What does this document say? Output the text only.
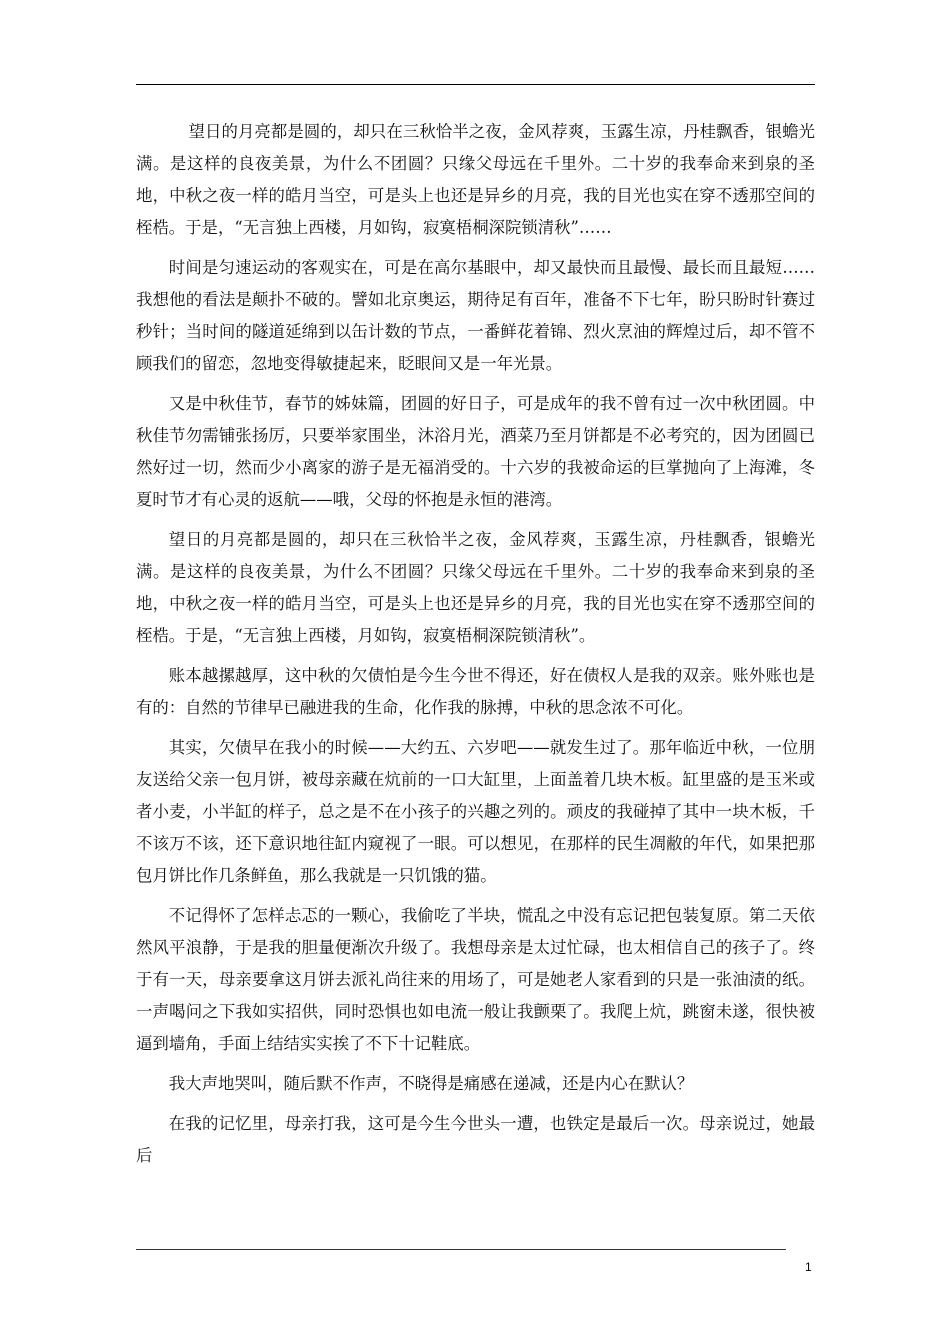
望日的月亮都是圆的，却只在三秋恰半之夜，金风荐爽，玉露生凉，丹桂飘香，银蟾光满。是这样的良夜美景，为什么不团圆？只缘父母远在千里外。二十岁的我奉命来到泉的圣地，中秋之夜一样的皓月当空，可是头上也还是异乡的月亮，我的目光也实在穿不透那空间的桎梏。于是，“无言独上西楼，月如钩，寂寞梧桐深院锁清秋”……

时间是匀速运动的客观实在，可是在高尔基眼中，却又最快而且最慢、最长而且最短……我想他的看法是颠扑不破的。譬如北京奥运，期待足有百年，准备不下七年，盼只盼时针赛过秒针；当时间的隧道延绵到以缶计数的节点，一番鲜花着锦、烈火烹油的辉煌过后，却不管不顾我们的留恋，忽地变得敏捷起来，眨眼间又是一年光景。

又是中秋佳节，春节的姊妹篇，团圆的好日子，可是成年的我不曾有过一次中秋团圆。中秋佳节勿需铺张扬厉，只要举家围坐，沐浴月光，酒菜乃至月饼都是不必考究的，因为团圆已然好过一切，然而少小离家的游子是无福消受的。十六岁的我被命运的巨掌抛向了上海滩，冬夏时节才有心灵的返航——哦，父母的怀抱是永恒的港湾。

望日的月亮都是圆的，却只在三秋恰半之夜，金风荐爽，玉露生凉，丹桂飘香，银蟾光满。是这样的良夜美景，为什么不团圆？只缘父母远在千里外。二十岁的我奉命来到泉的圣地，中秋之夜一样的皓月当空，可是头上也还是异乡的月亮，我的目光也实在穿不透那空间的桎梏。于是，“无言独上西楼，月如钩，寂寞梧桐深院锁清秋”。

账本越摞越厚，这中秋的欠债怕是今生今世不得还，好在债权人是我的双亲。账外账也是有的：自然的节律早已融进我的生命，化作我的脉搏，中秋的思念浓不可化。

其实，欠债早在我小的时候——大约五、六岁吧——就发生过了。那年临近中秋，一位朋友送给父亲一包月饼，被母亲藏在炕前的一口大缸里，上面盖着几块木板。缸里盛的是玉米或者小麦，小半缸的样子，总之是不在小孩子的兴趣之列的。顽皮的我碰掉了其中一块木板，千不该万不该，还下意识地往缸内窥视了一眼。可以想见，在那样的民生凋敝的年代，如果把那包月饼比作几条鲜鱼，那么我就是一只饥饿的猫。

不记得怀了怎样忐忑的一颗心，我偷吃了半块，慌乱之中没有忘记把包装复原。第二天依然风平浪静，于是我的胆量便渐次升级了。我想母亲是太过忙碌，也太相信自己的孩子了。终于有一天，母亲要拿这月饼去派礼尚往来的用场了，可是她老人家看到的只是一张油渍的纸。一声喝问之下我如实招供，同时恐惧也如电流一般让我颤栗了。我爬上炕，跳窗未遂，很快被逼到墙角，手面上结结实实挨了不下十记鞋底。

我大声地哭叫，随后默不作声，不晓得是痛感在递减，还是内心在默认？

在我的记忆里，母亲打我，这可是今生今世头一遭，也铁定是最后一次。母亲说过，她最后

1
